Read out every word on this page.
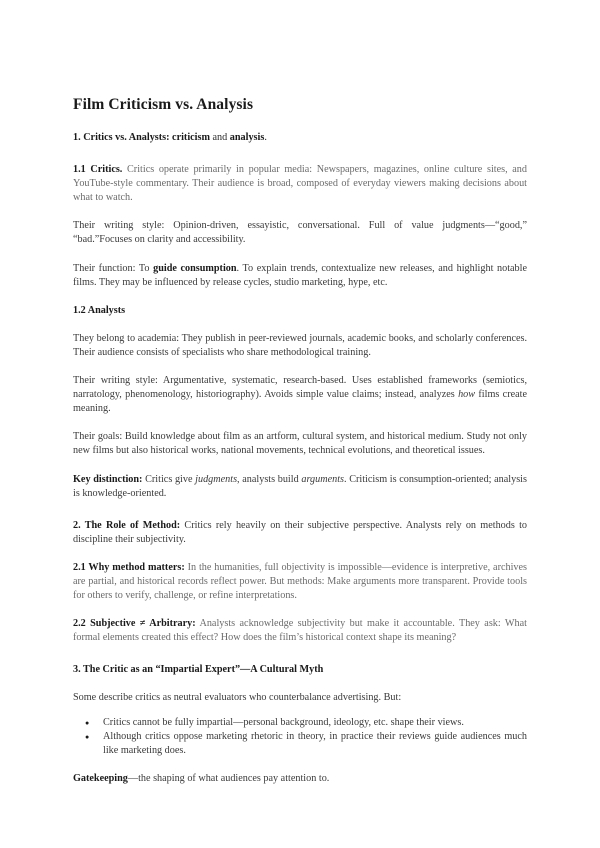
Film Criticism vs. Analysis

1. Critics vs. Analysts: criticism and analysis.

1.1 Critics. Critics operate primarily in popular media: Newspapers, magazines, online culture sites, and YouTube-style commentary. Their audience is broad, composed of everyday viewers making decisions about what to watch.

Their writing style: Opinion-driven, essayistic, conversational. Full of value judgments—“good,” “bad.”Focuses on clarity and accessibility.

Their function: To guide consumption. To explain trends, contextualize new releases, and highlight notable films. They may be influenced by release cycles, studio marketing, hype, etc.

1.2 Analysts

They belong to academia: They publish in peer-reviewed journals, academic books, and scholarly conferences. Their audience consists of specialists who share methodological training.

Their writing style: Argumentative, systematic, research-based. Uses established frameworks (semiotics, narratology, phenomenology, historiography). Avoids simple value claims; instead, analyzes how films create meaning.

Their goals: Build knowledge about film as an artform, cultural system, and historical medium. Study not only new films but also historical works, national movements, technical evolutions, and theoretical issues.

Key distinction: Critics give judgments, analysts build arguments. Criticism is consumption-oriented; analysis is knowledge-oriented.

2. The Role of Method: Critics rely heavily on their subjective perspective. Analysts rely on methods to discipline their subjectivity.

2.1 Why method matters: In the humanities, full objectivity is impossible—evidence is interpretive, archives are partial, and historical records reflect power. But methods: Make arguments more transparent. Provide tools for others to verify, challenge, or refine interpretations.

2.2 Subjective ≠ Arbitrary: Analysts acknowledge subjectivity but make it accountable. They ask: What formal elements created this effect? How does the film’s historical context shape its meaning?

3. The Critic as an “Impartial Expert”—A Cultural Myth

Some describe critics as neutral evaluators who counterbalance advertising. But:

● Critics cannot be fully impartial—personal background, ideology, etc. shape their views.
● Although critics oppose marketing rhetoric in theory, in practice their reviews guide audiences much like marketing does.

Gatekeeping—the shaping of what audiences pay attention to.
